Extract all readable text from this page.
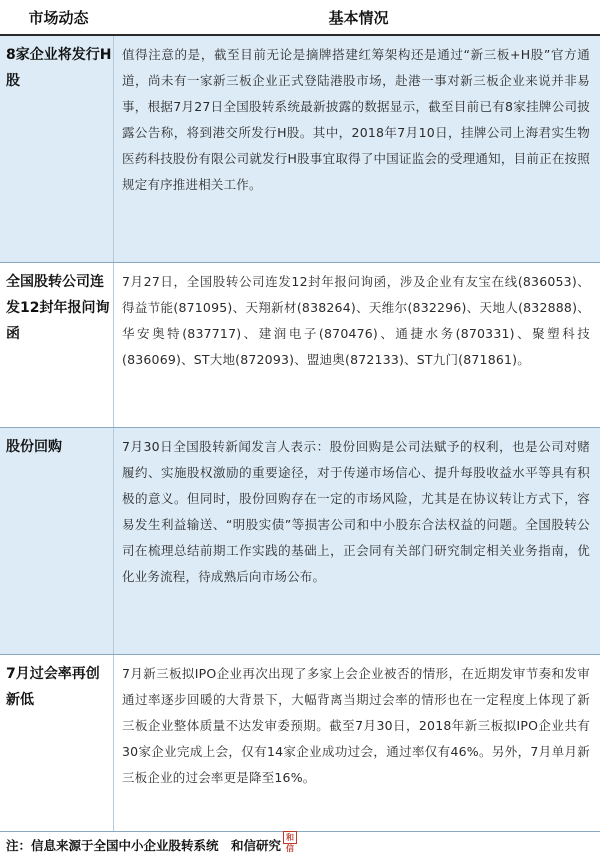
市场动态	基本情况
8家企业将发行H股
值得注意的是，截至目前无论是摘牌搭建红筹架构还是通过“新三板+H股”官方通道，尚未有一家新三板企业正式登陆港股市场，赴港一事对新三板企业来说并非易事，根据7月27日全国股转系统最新披露的数据显示，截至目前已有8家挂牌公司披露公告称，将到港交所发行H股。其中，2018年7月10日，挂牌公司上海君实生物医药科技股份有限公司就发行H股事宜取得了中国证监会的受理通知，目前正在按照规定有序推进相关工作。
全国股转公司连发12封年报问询函
7月27日，全国股转公司连发12封年报问询函，涉及企业有友宝在线(836053)、得益节能(871095)、天翔新材(838264)、天维尔(832296)、天地人(832888)、华安奥特(837717)、建润电子(870476)、通捷水务(870331)、聚塑科技(836069)、ST大地(872093)、盟迪奥(872133)、ST九门(871861)。
股份回购	7月30日全国股转新闻发言人表示：股份回购是公司法赋予的权利，也是公司对赌履约、实施股权激励的重要途径，对于传递市场信心、提升每股收益水平等具有积极的意义。但同时，股份回购存在一定的市场风险，尤其是在协议转让方式下，容易发生利益输送、“明股实债”等损害公司和中小股东合法权益的问题。全国股转公司在梳理总结前期工作实践的基础上，正会同有关部门研究制定相关业务指南，优化业务流程，待成熟后向市场公布。
7月过会率再创新低
7月新三板拟IPO企业再次出现了多家上会企业被否的情形，在近期发审节奏和发审通过率逐步回暖的大背景下，大幅背离当期过会率的情形也在一定程度上体现了新三板企业整体质量不达发审委预期。截至7月30日，2018年新三板拟IPO企业共有30家企业完成上会，仅有14家企业成功过会，通过率仅有46%。另外，7月单月新三板企业的过会率更是降至16%。
注：信息来源于全国中小企业股转系统　和信研究和信
